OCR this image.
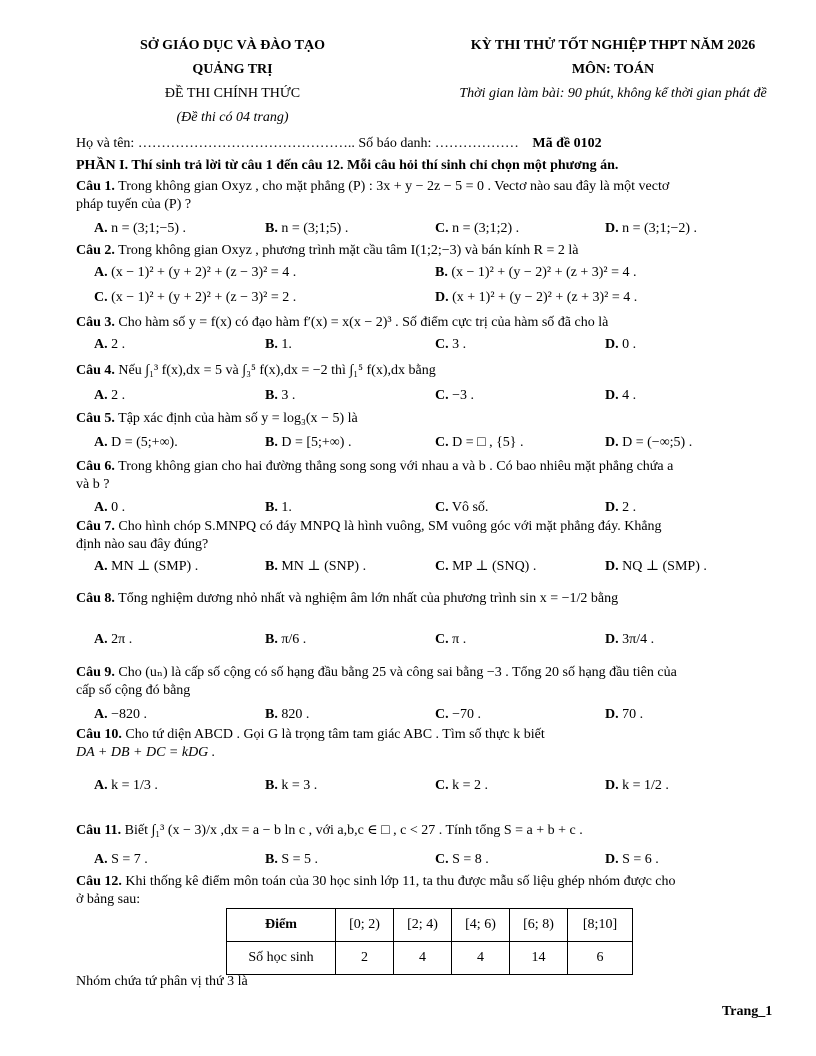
SỞ GIÁO DỤC VÀ ĐÀO TẠO
QUẢNG TRỊ
ĐỀ THI CHÍNH THỨC
(Đề thi có 04 trang)
KỲ THI THỬ TỐT NGHIỆP THPT NĂM 2026
MÔN: TOÁN
Thời gian làm bài: 90 phút, không kể thời gian phát đề
Họ và tên: ……………………………………….. Số báo danh: ……………… Mã đề 0102
PHẦN I. Thí sinh trả lời từ câu 1 đến câu 12. Mỗi câu hỏi thí sinh chỉ chọn một phương án.
Câu 1. Trong không gian Oxyz , cho mặt phẳng (P) : 3x + y − 2z − 5 = 0 . Vectơ nào sau đây là một vectơ
pháp tuyến của (P) ?
A. n = (3;1;−5) .	B. n = (3;1;5) .	C. n = (3;1;2) .	D. n = (3;1;−2) .
Câu 2. Trong không gian Oxyz , phương trình mặt cầu tâm I(1;2;−3) và bán kính R = 2 là
A. (x − 1)² + (y + 2)² + (z − 3)² = 4 .	B. (x − 1)² + (y − 2)² + (z + 3)² = 4 .
C. (x − 1)² + (y + 2)² + (z − 3)² = 2 .	D. (x + 1)² + (y − 2)² + (z + 3)² = 4 .
Câu 3. Cho hàm số y = f(x) có đạo hàm f′(x) = x(x − 2)³ . Số điểm cực trị của hàm số đã cho là
A. 2 .	B. 1.	C. 3 .	D. 0 .
Câu 4. Nếu ∫₁³ f(x),dx = 5 và ∫₃⁵ f(x),dx = −2 thì ∫₁⁵ f(x),dx bằng
A. 2 .	B. 3 .	C. −3 .	D. 4 .
Câu 5. Tập xác định của hàm số y = log₃(x − 5) là
A. D = (5;+∞).	B. D = [5;+∞) .	C. D = □ , {5} .	D. D = (−∞;5) .
Câu 6. Trong không gian cho hai đường thẳng song song với nhau a và b . Có bao nhiêu mặt phẳng chứa a
và b ?
A. 0 .	B. 1.	C. Vô số.	D. 2 .
Câu 7. Cho hình chóp S.MNPQ có đáy MNPQ là hình vuông, SM vuông góc với mặt phẳng đáy. Khẳng
định nào sau đây đúng?
A. MN ⊥ (SMP) .	B. MN ⊥ (SNP) .	C. MP ⊥ (SNQ) .	D. NQ ⊥ (SMP) .
Câu 8. Tổng nghiệm dương nhỏ nhất và nghiệm âm lớn nhất của phương trình sin x = −1/2 bằng
A. 2π .	B. π/6 .	C. π .	D. 3π/4 .
Câu 9. Cho (uₙ) là cấp số cộng có số hạng đầu bằng 25 và công sai bằng −3 . Tổng 20 số hạng đầu tiên của
cấp số cộng đó bằng
A. −820 .	B. 820 .	C. −70 .	D. 70 .
Câu 10. Cho tứ diện ABCD . Gọi G là trọng tâm tam giác ABC . Tìm số thực k biết
DA + DB + DC = kDG .
A. k = 1/3 .	B. k = 3 .	C. k = 2 .	D. k = 1/2 .
Câu 11. Biết ∫₁³ (x − 3)/x ,dx = a − b ln c , với a,b,c ∈ □ , c < 27 . Tính tổng S = a + b + c .
A. S = 7 .	B. S = 5 .	C. S = 8 .	D. S = 6 .
Câu 12. Khi thống kê điểm môn toán của 30 học sinh lớp 11, ta thu được mẫu số liệu ghép nhóm được cho
ở bảng sau:
Điểm	[0; 2)	[2; 4)	[4; 6)	[6; 8)	[8;10]
Số học sinh	2	4	4	14	6
Nhóm chứa tứ phân vị thứ 3 là
Trang_1
